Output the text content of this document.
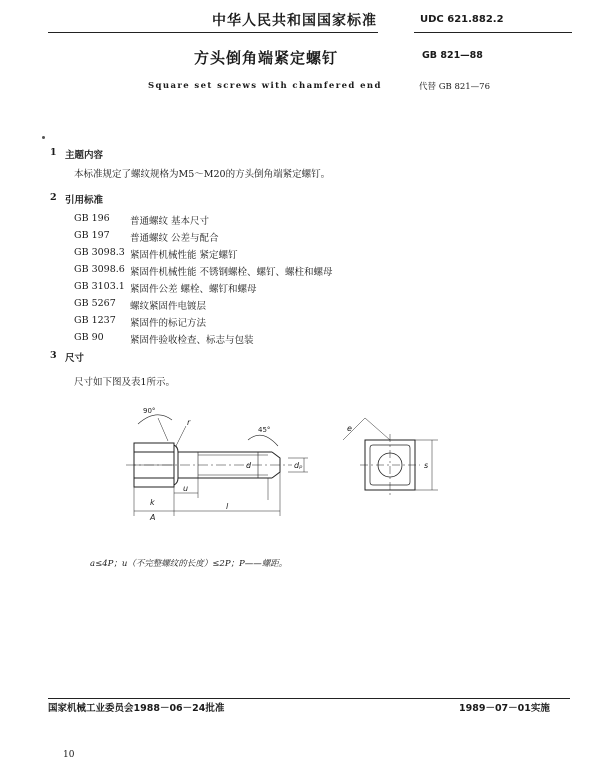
中华人民共和国国家标准	UDC 621.882.2
方头倒角端紧定螺钉	GB 821—88
Square set screws with chamfered end	代替 GB 821—76
1 主题内容
本标准规定了螺纹规格为M5～M20的方头倒角端紧定螺钉。
2 引用标准
GB 196	普通螺纹 基本尺寸
GB 197	普通螺纹 公差与配合
GB 3098.3 紧固件机械性能 紧定螺钉
GB 3098.6 紧固件机械性能 不锈钢螺栓、螺钉、螺柱和螺母
GB 3103.1 紧固件公差 螺栓、螺钉和螺母
GB 5267	螺纹紧固件电镀层
GB 1237	紧固件的标记方法
GB 90	紧固件验收检查、标志与包装
3 尺寸
尺寸如下图及表1所示。
90°
r
k
u
l
A
d	dₚ
45°	e
s
a≤4P；u（不完整螺纹的长度）≤2P；P——螺距。
国家机械工业委员会1988－06－24批准	1989－07－01实施
10
